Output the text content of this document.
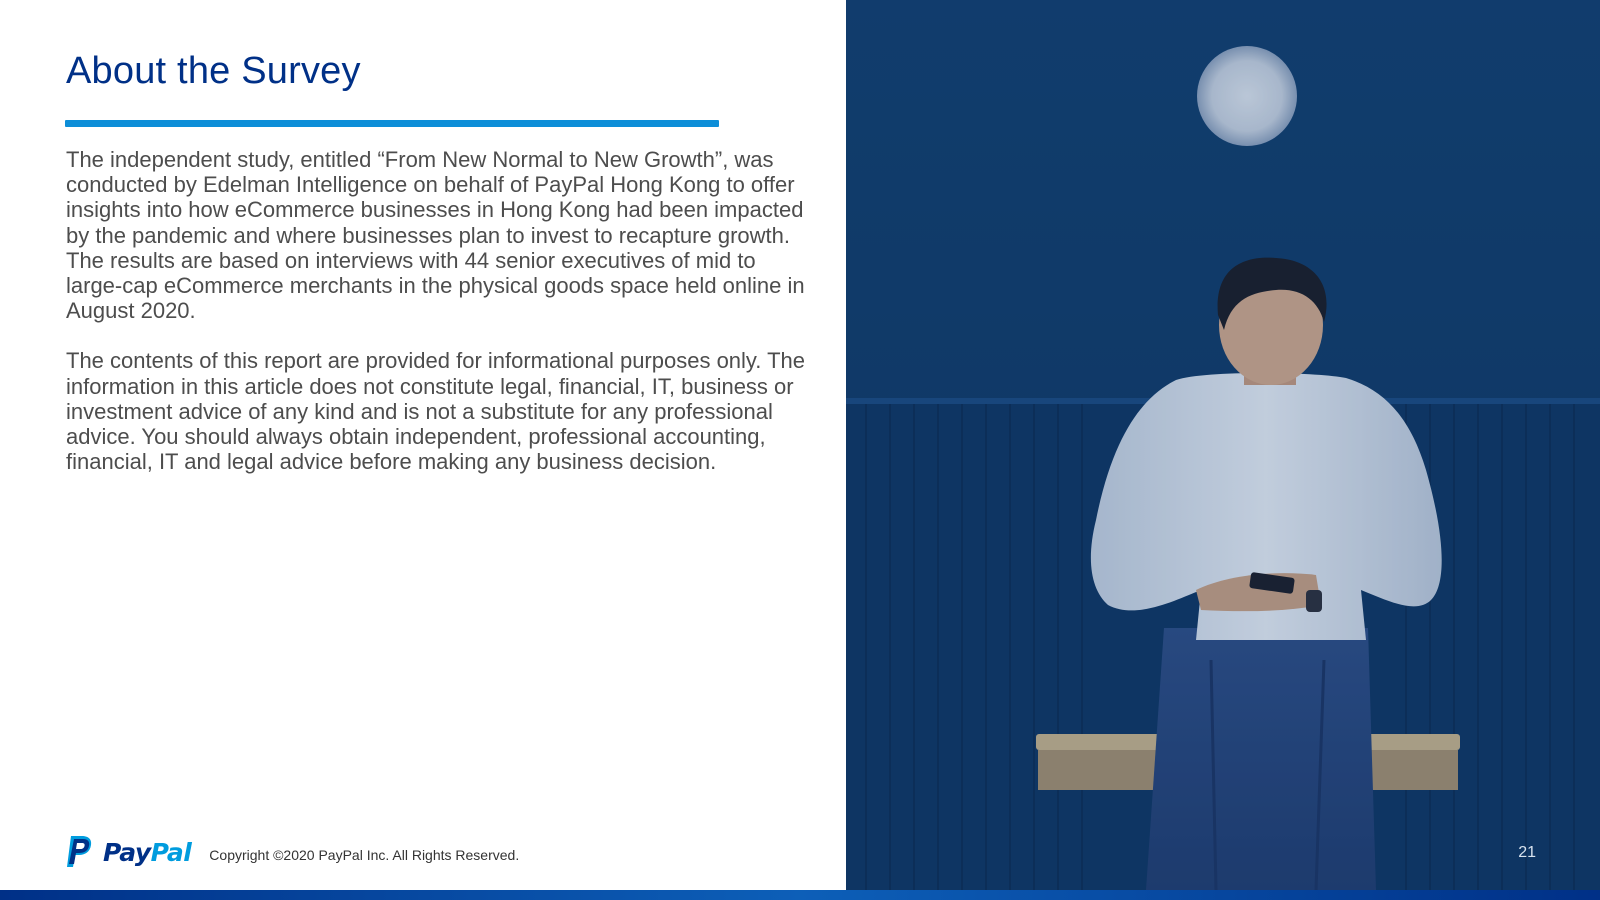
About the Survey

The independent study, entitled “From New Normal to New Growth”, was conducted by Edelman Intelligence on behalf of PayPal Hong Kong to offer insights into how eCommerce businesses in Hong Kong had been impacted by the pandemic and where businesses plan to invest to recapture growth. The results are based on interviews with 44 senior executives of mid to large-cap eCommerce merchants in the physical goods space held online in August 2020.

The contents of this report are provided for informational purposes only. The information in this article does not constitute legal, financial, IT, business or investment advice of any kind and is not a substitute for any professional advice. You should always obtain independent, professional accounting, financial, IT and legal advice before making any business decision.

PayPal Copyright ©2020 PayPal Inc. All Rights Reserved.	21
